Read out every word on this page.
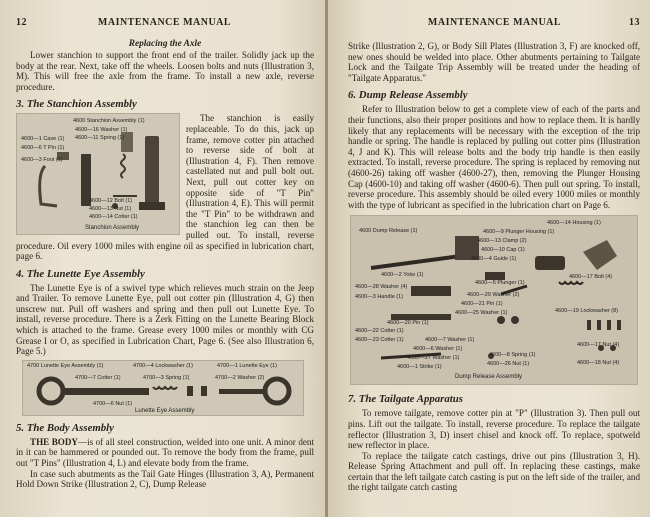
12	MAINTENANCE MANUAL
Replacing the Axle

Lower stanchion to support the front end of the trailer. Solidly jack up the body at the rear. Next, take off the wheels. Loosen bolts and nuts (Illustration 3, M). This will free the axle from the frame. To install a new axle, reverse procedure.

3. The Stanchion Assembly
4600 Stanchion Assembly (1)
4600—1 Case (1)
4600—16 Washer (1)
4600—11 Spring (1)
4600—6 T Pin (1)
4600—3 Foot (1)
4600—12 Bolt (1)
4600—13 Nut (1)
4600—14 Cotter (1)
Stanchion Assembly

The stanchion is easily replaceable. To do this, jack up frame, remove cotter pin attached to reverse side of bolt at (Illustration 4, F). Then remove castellated nut and pull bolt out. Next, pull out cotter key on opposite side of "T Pin" (Illustration 4, E). This will permit the "T Pin" to be withdrawn and the stanchion leg can then be pulled out. To install, reverse procedure. Oil every 1000 miles with engine oil as specified in lubrication chart, page 6.

4. The Lunette Eye Assembly

The Lunette Eye is of a swivel type which relieves much strain on the Jeep and Trailer. To remove Lunette Eye, pull out cotter pin (Illustration 4, G) then unscrew nut. Pull off washers and spring and then pull out Lunette Eye. To install, reverse procedure. There is a Zerk Fitting on the Lunette Bearing Block which is attached to the frame. Grease every 1000 miles or monthly with CG Grease I or O, as specified in Lubrication Chart, Page 6. (See also Illustration 6, Page 5.)

4700 Lunette Eye Assembly (1)	4700—4 Lockwasher (1)	4700—1 Lunette Eye (1)
4700—7 Cotter (1)	4700—3 Spring (1)	4700—2 Washer (2)
4700—6 Nut (1)
Lunette Eye Assembly
5. The Body Assembly

THE BODY—is of all steel construction, welded into one unit. A minor dent in it can be hammered or pounded out. To remove the body from the frame, pull out "T Pins" (Illustration 4, L) and elevate body from the frame.

In case such abutments as the Tail Gate Hinges (Illustration 3, A), Permanent Hold Down Strike (Illustration 2, C), Dump Release

MAINTENANCE MANUAL	13

Strike (Illustration 2, G), or Body Sill Plates (Illustration 3, F) are knocked off, new ones should be welded into place. Other abutments pertaining to Tailgate Lock and the Tailgate Trip Assembly will be treated under the heading of "Tailgate Apparatus."

6. Dump Release Assembly

Refer to Illustration below to get a complete view of each of the parts and their functions, also their proper positions and how to replace them. It is hardly likely that any replacements will be necessary with the exception of the trip handle or spring. The handle is replaced by pulling out cotter pins (Illustration 4, J and K). This will release bolts and the body trip handle is then easily extracted. To install, reverse procedure. The spring is replaced by removing nut (4600-26) taking off washer (4600-27), then, removing the Plunger Housing Cap (4600-10) and taking off washer (4600-6). Then pull out spring. To install, reverse procedure. This assembly should be oiled every 1000 miles or monthly with the type of lubricant as specified in the lubrication chart on Page 6.

4600—14 Housing (1)
4600 Dump Release (1)	4600—9 Plunger Housing (1)
4600—13 Clamp (2)
4600—10 Cap (1)
4600—4 Guide (1)
4600—2 Yoke (1)	4600—17 Bolt (4)
4600—5 Plunger (1)
4600—28 Washer (4)
4600—29 Washer (2)
4600—3 Handle (1)
4600—21 Pin (1)
4600—25 Washer (1)	4600—19 Lockwasher (8)
4600—20 Pin (1)
4600—22 Cotter (1)
4600—23 Cotter (1)	4600—7 Washer (1)
4600—6 Washer (1)
4600—27 Washer (1)	4600—8 Spring (1)
4600—1 Strike (1)	4600—26 Nut (1)
4600—17 Nut (4)
4600—18 Nut (4)
Dump Release Assembly
7. The Tailgate Apparatus

To remove tailgate, remove cotter pin at "P" (Illustration 3). Then pull out pins. Lift out the tailgate. To install, reverse procedure. To replace the tailgate reflector (Illustration 3, D) insert chisel and knock off. To replace, spotweld new reflector in place.

To replace the tailgate catch castings, drive out pins (Illustration 3, H). Release Spring Attachment and pull off. In replacing these castings, make certain that the left tailgate catch casting is put on the left side of the trailer, and the right tailgate catch casting
